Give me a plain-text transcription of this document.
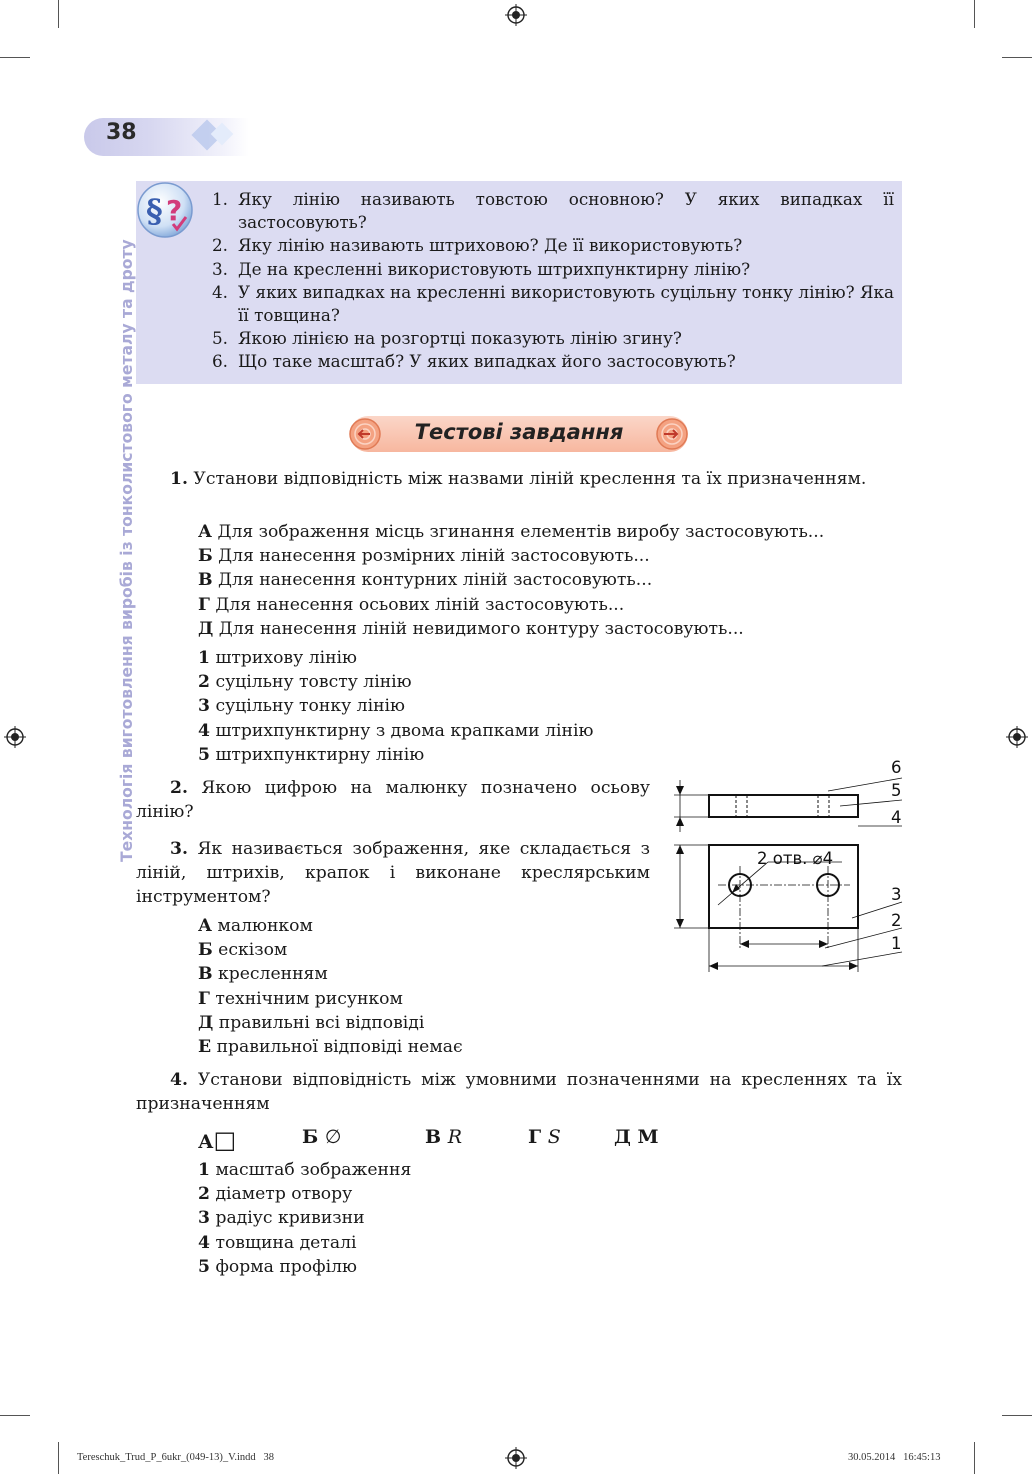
38
Технологія виготовлення виробів із тонколистового металу та дроту
§ ? 1. Яку лінію називають товстою основною? У яких випадках її застосовують?
2. Яку лінію називають штриховою? Де її використовують?
3. Де на кресленні використовують штрихпунктирну лінію?
4. У яких випадках на кресленні використовують суцільну тонку лінію? Яка її товщина?
5. Якою лінією на розгортці показують лінію згину?
6. Що таке масштаб? У яких випадках його застосовують?
Тестові завдання
1. Установи відповідність між назвами ліній креслення та їх призначенням.
А Для зображення місць згинання елементів виробу застосовують...
Б Для нанесення розмірних ліній застосовують...
В Для нанесення контурних ліній застосовують...
Г Для нанесення осьових ліній застосовують...
Д Для нанесення ліній невидимого контуру застосовують...
1 штрихову лінію
2 суцільну товсту лінію
3 суцільну тонку лінію
4 штрихпунктирну з двома крапками лінію
5 штрихпунктирну лінію
2. Якою цифрою на малюнку позначено осьову лінію?
3. Як називається зображення, яке складається з ліній, штрихів, крапок і виконане креслярським інструментом?
А малюнком
Б ескізом
В кресленням
Г технічним рисунком
Д правильні всі відповіді
Е правильної відповіді немає
2 отв. ⌀4
6
5
4
3
2
1
4. Установи відповідність між умовними позначеннями на кресленнях та їх призначенням
А□	Б ∅	В R	Г S	Д М
1 масштаб зображення
2 діаметр отвору
3 радіус кривизни
4 товщина деталі
5 форма профілю
Tereschuk_Trud_P_6ukr_(049-13)_V.indd   38	30.05.2014   16:45:13
